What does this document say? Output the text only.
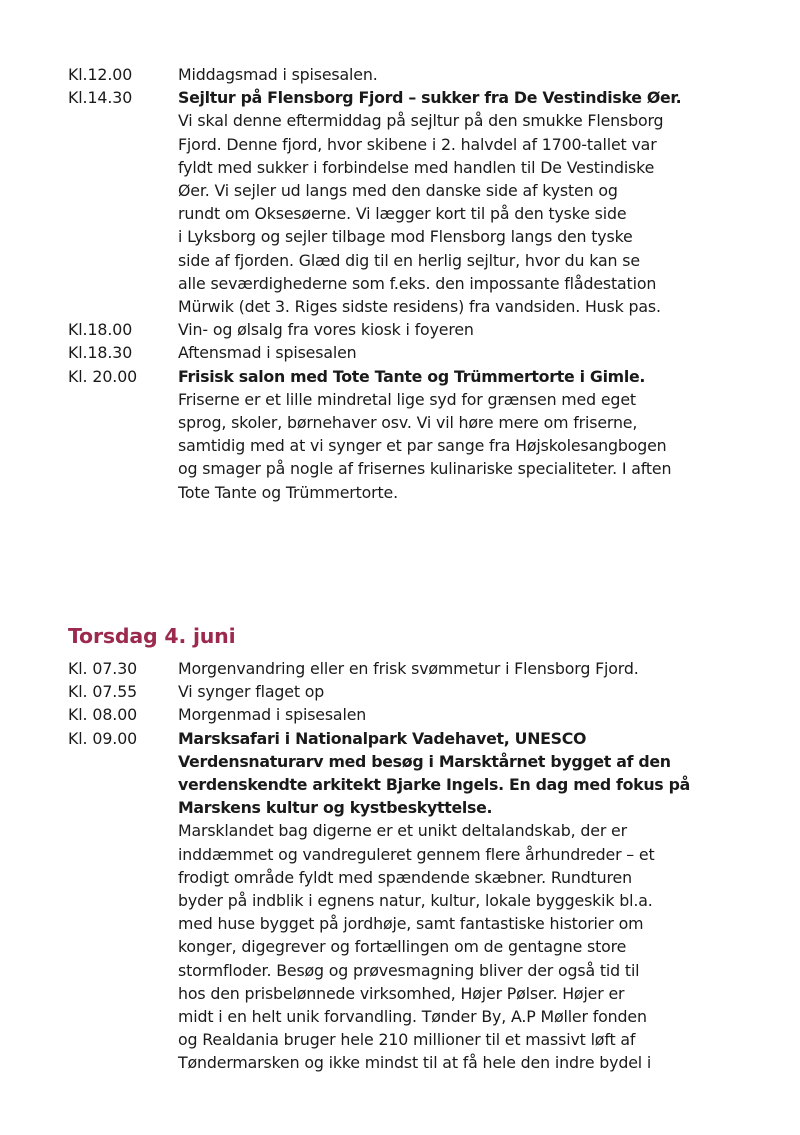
Kl.12.00	Middagsmad i spisesalen.
Kl.14.30	Sejltur på Flensborg Fjord – sukker fra De Vestindiske Øer.
Vi skal denne eftermiddag på sejltur på den smukke Flensborg
Fjord. Denne fjord, hvor skibene i 2. halvdel af 1700-tallet var
fyldt med sukker i forbindelse med handlen til De Vestindiske
Øer. Vi sejler ud langs med den danske side af kysten og
rundt om Oksesøerne. Vi lægger kort til på den tyske side
i Lyksborg og sejler tilbage mod Flensborg langs den tyske
side af fjorden. Glæd dig til en herlig sejltur, hvor du kan se
alle seværdighederne som f.eks. den impossante flådestation
Mürwik (det 3. Riges sidste residens) fra vandsiden. Husk pas.
Kl.18.00	Vin- og ølsalg fra vores kiosk i foyeren
Kl.18.30	Aftensmad i spisesalen
Kl. 20.00	Frisisk salon med Tote Tante og Trümmertorte i Gimle.
Friserne er et lille mindretal lige syd for grænsen med eget
sprog, skoler, børnehaver osv. Vi vil høre mere om friserne,
samtidig med at vi synger et par sange fra Højskolesangbogen
og smager på nogle af frisernes kulinariske specialiteter. I aften
Tote Tante og Trümmertorte.
Torsdag 4. juni
Kl. 07.30	Morgenvandring eller en frisk svømmetur i Flensborg Fjord.
Kl. 07.55	Vi synger flaget op
Kl. 08.00	Morgenmad i spisesalen
Kl. 09.00	Marsksafari i Nationalpark Vadehavet, UNESCO
Verdensnaturarv med besøg i Marsktårnet bygget af den
verdenskendte arkitekt Bjarke Ingels. En dag med fokus på
Marskens kultur og kystbeskyttelse.
Marsklandet bag digerne er et unikt deltalandskab, der er
inddæmmet og vandreguleret gennem flere århundreder – et
frodigt område fyldt med spændende skæbner. Rundturen
byder på indblik i egnens natur, kultur, lokale byggeskik bl.a.
med huse bygget på jordhøje, samt fantastiske historier om
konger, digegrever og fortællingen om de gentagne store
stormfloder. Besøg og prøvesmagning bliver der også tid til
hos den prisbelønnede virksomhed, Højer Pølser. Højer er
midt i en helt unik forvandling. Tønder By, A.P Møller fonden
og Realdania bruger hele 210 millioner til et massivt løft af
Tøndermarsken og ikke mindst til at få hele den indre bydel i
